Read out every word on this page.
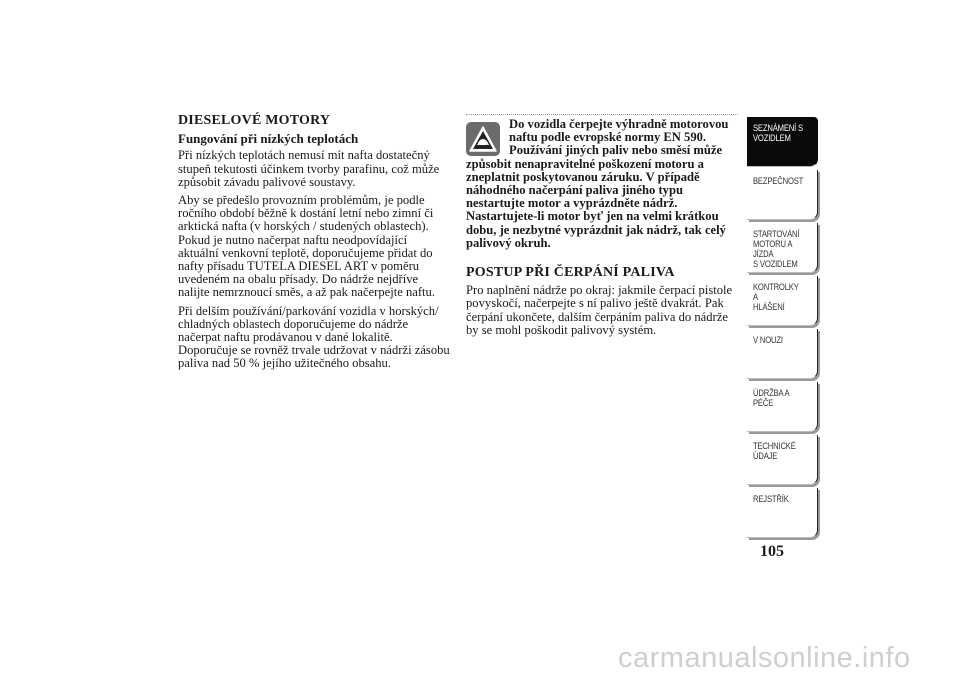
DIESELOVÉ MOTORY
Fungování při nízkých teplotách

Při nízkých teplotách nemusí mít nafta dostatečný stupeň tekutosti účinkem tvorby parafinu, což může způsobit závadu palivové soustavy.

Aby se předešlo provozním problémům, je podle ročního období běžně k dostání letní nebo zimní či arktická nafta (v horských / studených oblastech). Pokud je nutno načerpat naftu neodpovídající aktuální venkovní teplotě, doporučujeme přidat do nafty přísadu TUTELA DIESEL ART v poměru uvedeném na obalu přísady. Do nádrže nejdříve nalijte nemrznoucí směs, a až pak načerpejte naftu.

Při delším používání/parkování vozidla v horských/ chladných oblastech doporučujeme do nádrže načerpat naftu prodávanou v dané lokalitě. Doporučuje se rovněž trvale udržovat v nádrži zásobu paliva nad 50 % jejího užitečného obsahu.

Do vozidla čerpejte výhradně motorovou naftu podle evropské normy EN 590. Používání jiných paliv nebo směsí může
způsobit nenapravitelné poškození motoru a zneplatnit poskytovanou záruku. V případě náhodného načerpání paliva jiného typu nestartujte motor a vyprázdněte nádrž. Nastartujete-li motor byť jen na velmi krátkou dobu, je nezbytné vyprázdnit jak nádrž, tak celý palivový okruh.
POSTUP PŘI ČERPÁNÍ PALIVA

Pro naplnění nádrže po okraj: jakmile čerpací pistole povyskočí, načerpejte s ní palivo ještě dvakrát. Pak čerpání ukončete, dalším čerpáním paliva do nádrže by se mohl poškodit palivový systém.

SEZNÁMENÍ S
VOZIDLEM
BEZPEČNOST
STARTOVÁNÍ
MOTORU A JÍZDA
S VOZIDLEM
KONTROLKY A
HLÁŠENÍ
V NOUZI
ÚDRŽBA A PÉČE
TECHNICKÉ
ÚDAJE
REJSTŘÍK
105
carmanualsonline.info
